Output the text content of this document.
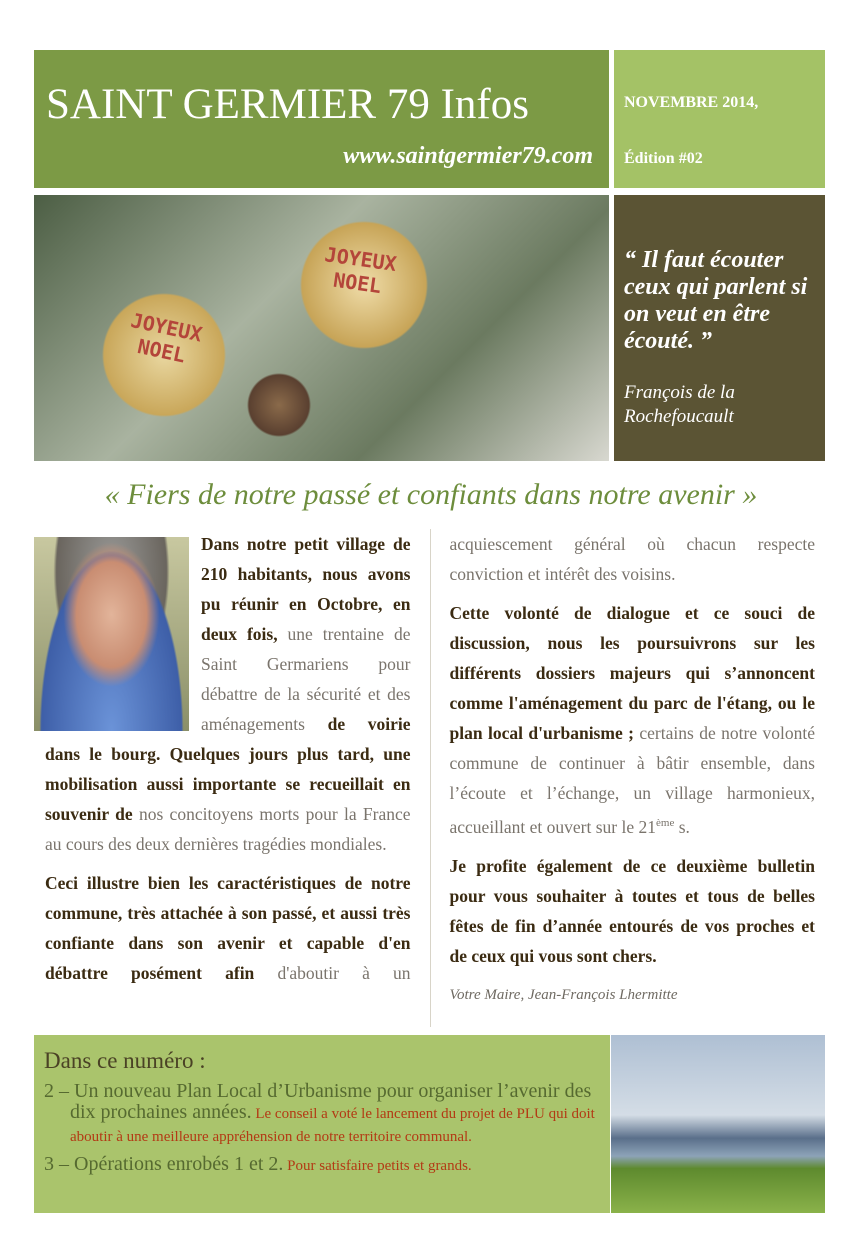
SAINT GERMIER 79 Infos
www.saintgermier79.com
NOVEMBRE 2014,
Édition #02
JOYEUX NOEL
JOYEUX NOEL
“ Il faut écouter ceux qui parlent si on veut en être écouté. ”
François de la Rochefoucault
« Fiers de notre passé et confiants dans notre avenir »

Dans notre petit village de 210 habitants, nous avons pu réunir en Octobre, en deux fois, une trentaine de Saint Germariens pour débattre de la sécurité et des aménagements de voirie dans le bourg. Quelques jours plus tard, une mobilisation aussi importante se recueillait en souvenir de nos concitoyens morts pour la France au cours des deux dernières tragédies mondiales.

Ceci illustre bien les caractéristiques de notre commune, très attachée à son passé, et aussi très confiante dans son avenir et capable d'en débattre posément afin d'aboutir à un acquiescement général où chacun respecte conviction et intérêt des voisins.

Cette volonté de dialogue et ce souci de discussion, nous les poursuivrons sur les différents dossiers majeurs qui s’annoncent comme l'aménagement du parc de l'étang, ou le plan local d'urbanisme ; certains de notre volonté commune de continuer à bâtir ensemble, dans l’écoute et l’échange, un village harmonieux, accueillant et ouvert sur le 21ème s.

Je profite également de ce deuxième bulletin pour vous souhaiter à toutes et tous de belles fêtes de fin d’année entourés de vos proches et de ceux qui vous sont chers.

Votre Maire, Jean-François Lhermitte

Dans ce numéro :
2 – Un nouveau Plan Local d’Urbanisme pour organiser l’avenir des dix prochaines années. Le conseil a voté le lancement du projet de PLU qui doit aboutir à une meilleure appréhension de notre territoire communal.
3 – Opérations enrobés 1 et 2. Pour satisfaire petits et grands.
